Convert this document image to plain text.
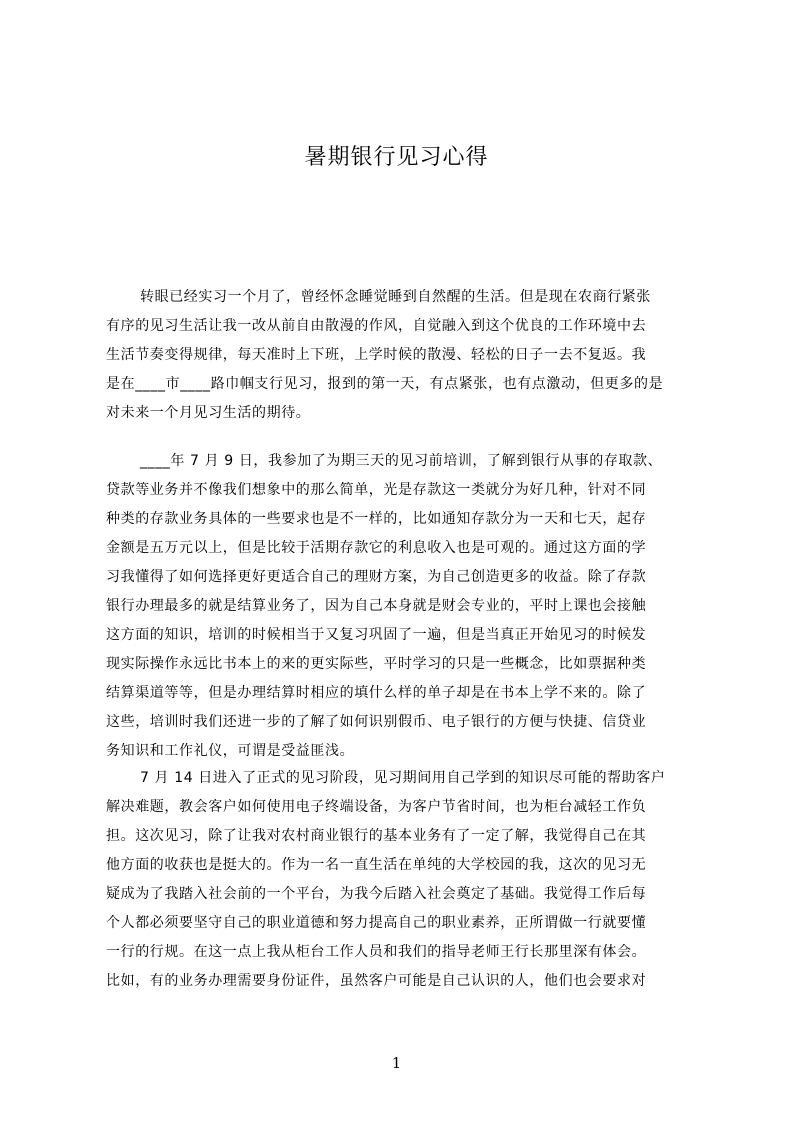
暑期银行见习心得
转眼已经实习一个月了，曾经怀念睡觉睡到自然醒的生活。但是现在农商行紧张
有序的见习生活让我一改从前自由散漫的作风，自觉融入到这个优良的工作环境中去
生活节奏变得规律，每天准时上下班，上学时候的散漫、轻松的日子一去不复返。我
是在____市____路巾帼支行见习，报到的第一天，有点紧张，也有点激动，但更多的是
对未来一个月见习生活的期待。
____年 7 月 9 日，我参加了为期三天的见习前培训，了解到银行从事的存取款、
贷款等业务并不像我们想象中的那么简单，光是存款这一类就分为好几种，针对不同
种类的存款业务具体的一些要求也是不一样的，比如通知存款分为一天和七天，起存
金额是五万元以上，但是比较于活期存款它的利息收入也是可观的。通过这方面的学
习我懂得了如何选择更好更适合自己的理财方案，为自己创造更多的收益。除了存款
银行办理最多的就是结算业务了，因为自己本身就是财会专业的，平时上课也会接触
这方面的知识，培训的时候相当于又复习巩固了一遍，但是当真正开始见习的时候发
现实际操作永远比书本上的来的更实际些，平时学习的只是一些概念，比如票据种类
结算渠道等等，但是办理结算时相应的填什么样的单子却是在书本上学不来的。除了
这些，培训时我们还进一步的了解了如何识别假币、电子银行的方便与快捷、信贷业
务知识和工作礼仪，可谓是受益匪浅。
7 月 14 日进入了正式的见习阶段，见习期间用自己学到的知识尽可能的帮助客户
解决难题，教会客户如何使用电子终端设备，为客户节省时间，也为柜台减轻工作负
担。这次见习，除了让我对农村商业银行的基本业务有了一定了解，我觉得自己在其
他方面的收获也是挺大的。作为一名一直生活在单纯的大学校园的我，这次的见习无
疑成为了我踏入社会前的一个平台，为我今后踏入社会奠定了基础。我觉得工作后每
个人都必须要坚守自己的职业道德和努力提高自己的职业素养，正所谓做一行就要懂
一行的行规。在这一点上我从柜台工作人员和我们的指导老师王行长那里深有体会。
比如，有的业务办理需要身份证件，虽然客户可能是自己认识的人，他们也会要求对
1
